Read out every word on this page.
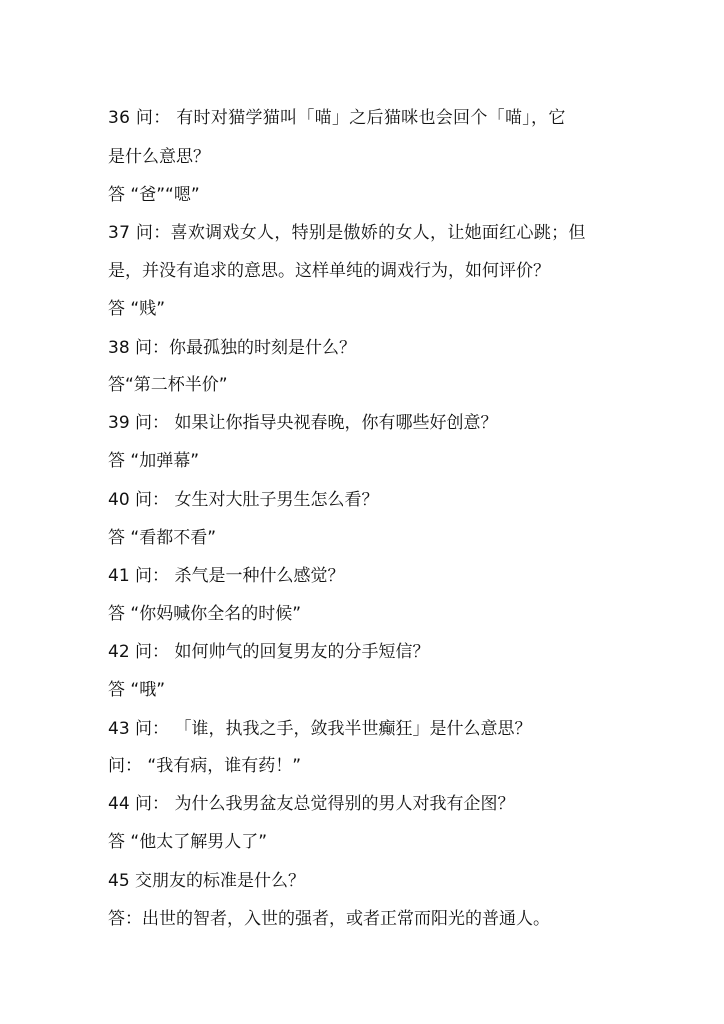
36 问： 有时对猫学猫叫「喵」之后猫咪也会回个「喵」，它
是什么意思？
答 “爸”“嗯”
37 问：喜欢调戏女人，特别是傲娇的女人，让她面红心跳；但
是，并没有追求的意思。这样单纯的调戏行为，如何评价？
答 “贱”
38 问：你最孤独的时刻是什么？
答“第二杯半价”
39 问： 如果让你指导央视春晚，你有哪些好创意？
答 “加弹幕”
40 问： 女生对大肚子男生怎么看？
答 “看都不看”
41 问： 杀气是一种什么感觉？
答 “你妈喊你全名的时候”
42 问： 如何帅气的回复男友的分手短信？
答 “哦”
43 问： 「谁，执我之手，敛我半世癫狂」是什么意思？
问： “我有病，谁有药！”
44 问： 为什么我男盆友总觉得别的男人对我有企图？
答 “他太了解男人了”
45 交朋友的标准是什么？
答：出世的智者，入世的强者，或者正常而阳光的普通人。
